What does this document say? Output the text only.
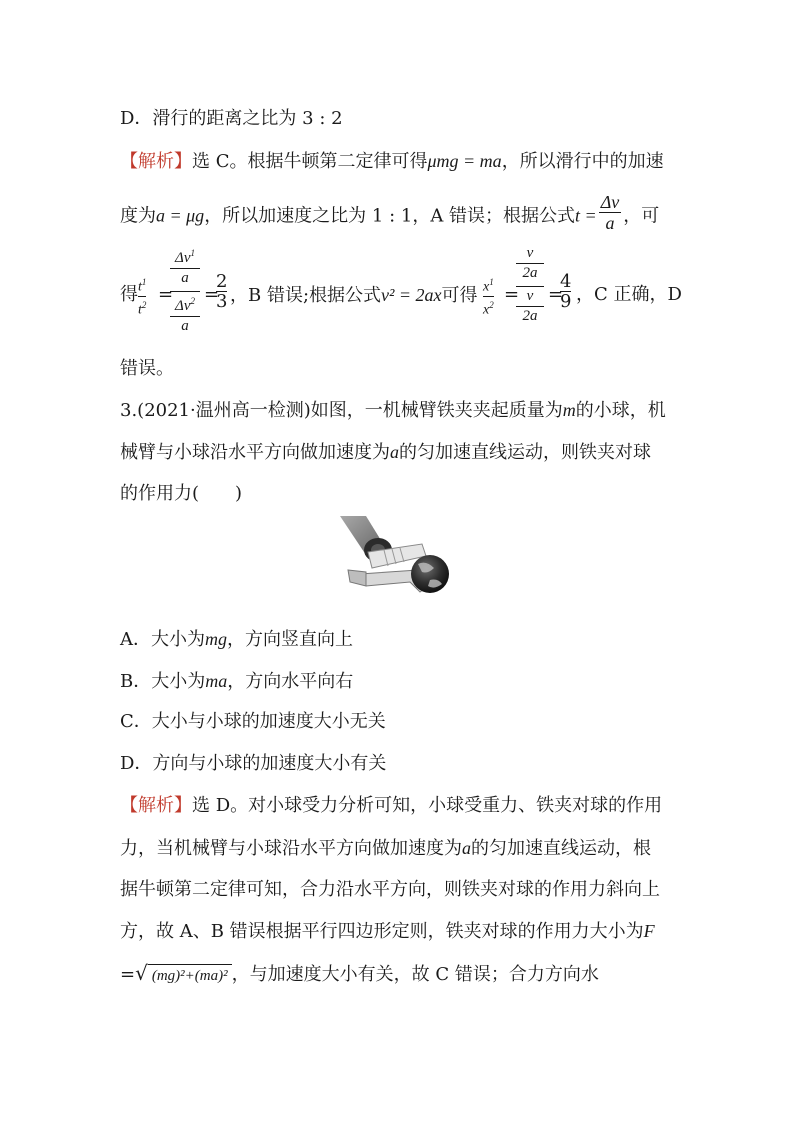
D．滑行的距离之比为 3 : 2
【解析】选 C。根据牛顿第二定律可得μmg = ma，所以滑行中的加速
度为a = μg，所以加速度之比为 1 : 1，A 错误；根据公式$t = \frac{\Delta v}{a}$ ，可
得 $\frac{t^1}{t^2}$ =
$\Delta v^1$
a
$\Delta v^2$
a
=
$\frac{2}{3}$ ，B 错误;根据公式v² = 2ax可得 $\frac{x^1}{x^2}$ =
v
2a
v
2a
=
$\frac{4}{9}$ ，C 正确，D
错误。
3.(2021·温州高一检测)如图，一机械臂铁夹夹起质量为m的小球，机
械臂与小球沿水平方向做加速度为a的匀加速直线运动，则铁夹对球
的作用力(　　)
A．大小为mg，方向竖直向上
B．大小为ma，方向水平向右
C．大小与小球的加速度大小无关
D．方向与小球的加速度大小有关
【解析】选 D。对小球受力分析可知，小球受重力、铁夹对球的作用
力，当机械臂与小球沿水平方向做加速度为a的匀加速直线运动，根
据牛顿第二定律可知，合力沿水平方向，则铁夹对球的作用力斜向上
方，故 A、B 错误根据平行四边形定则，铁夹对球的作用力大小为F
=√ (mg)²+(ma)² ，与加速度大小有关，故 C 错误；合力方向水
